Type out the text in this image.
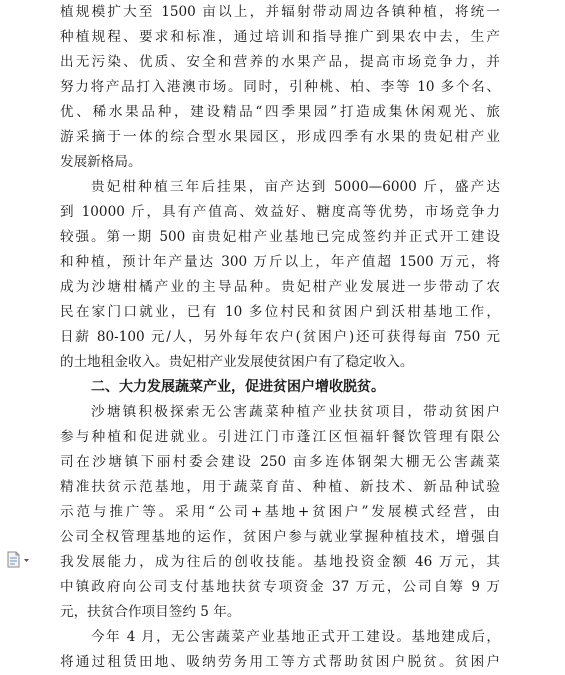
植规模扩大至 1500 亩以上，并辐射带动周边各镇种植，将统一
种植规程、要求和标准，通过培训和指导推广到果农中去，生产
出无污染、优质、安全和营养的水果产品，提高市场竞争力，并
努力将产品打入港澳市场。同时，引种桃、柏、李等 10 多个名、
优、稀水果品种，建设精品“四季果园”打造成集休闲观光、旅
游采摘于一体的综合型水果园区，形成四季有水果的贵妃柑产业
发展新格局。
贵妃柑种植三年后挂果，亩产达到 5000—6000 斤，盛产达
到 10000 斤，具有产值高、效益好、糖度高等优势，市场竞争力
较强。第一期 500 亩贵妃柑产业基地已完成签约并正式开工建设
和种植，预计年产量达 300 万斤以上，年产值超 1500 万元，将
成为沙塘柑橘产业的主导品种。贵妃柑产业发展进一步带动了农
民在家门口就业，已有 10 多位村民和贫困户到沃柑基地工作，
日薪 80-100 元/人，另外每年农户(贫困户)还可获得每亩 750 元
的土地租金收入。贵妃柑产业发展使贫困户有了稳定收入。
二、大力发展蔬菜产业，促进贫困户增收脱贫。
沙塘镇积极探索无公害蔬菜种植产业扶贫项目，带动贫困户
参与种植和促进就业。引进江门市蓬江区恒福轩餐饮管理有限公
司在沙塘镇下丽村委会建设 250 亩多连体钢架大棚无公害蔬菜
精准扶贫示范基地，用于蔬菜育苗、种植、新技术、新品种试验
示范与推广等。采用“公司+基地+贫困户”发展模式经营，由
公司全权管理基地的运作，贫困户参与就业掌握种植技术，增强自
我发展能力，成为往后的创收技能。基地投资金额 46 万元，其
中镇政府向公司支付基地扶贫专项资金 37 万元，公司自筹 9 万
元，扶贫合作项目签约 5 年。
今年 4 月，无公害蔬菜产业基地正式开工建设。基地建成后，
将通过租赁田地、吸纳劳务用工等方式帮助贫困户脱贫。贫困户
